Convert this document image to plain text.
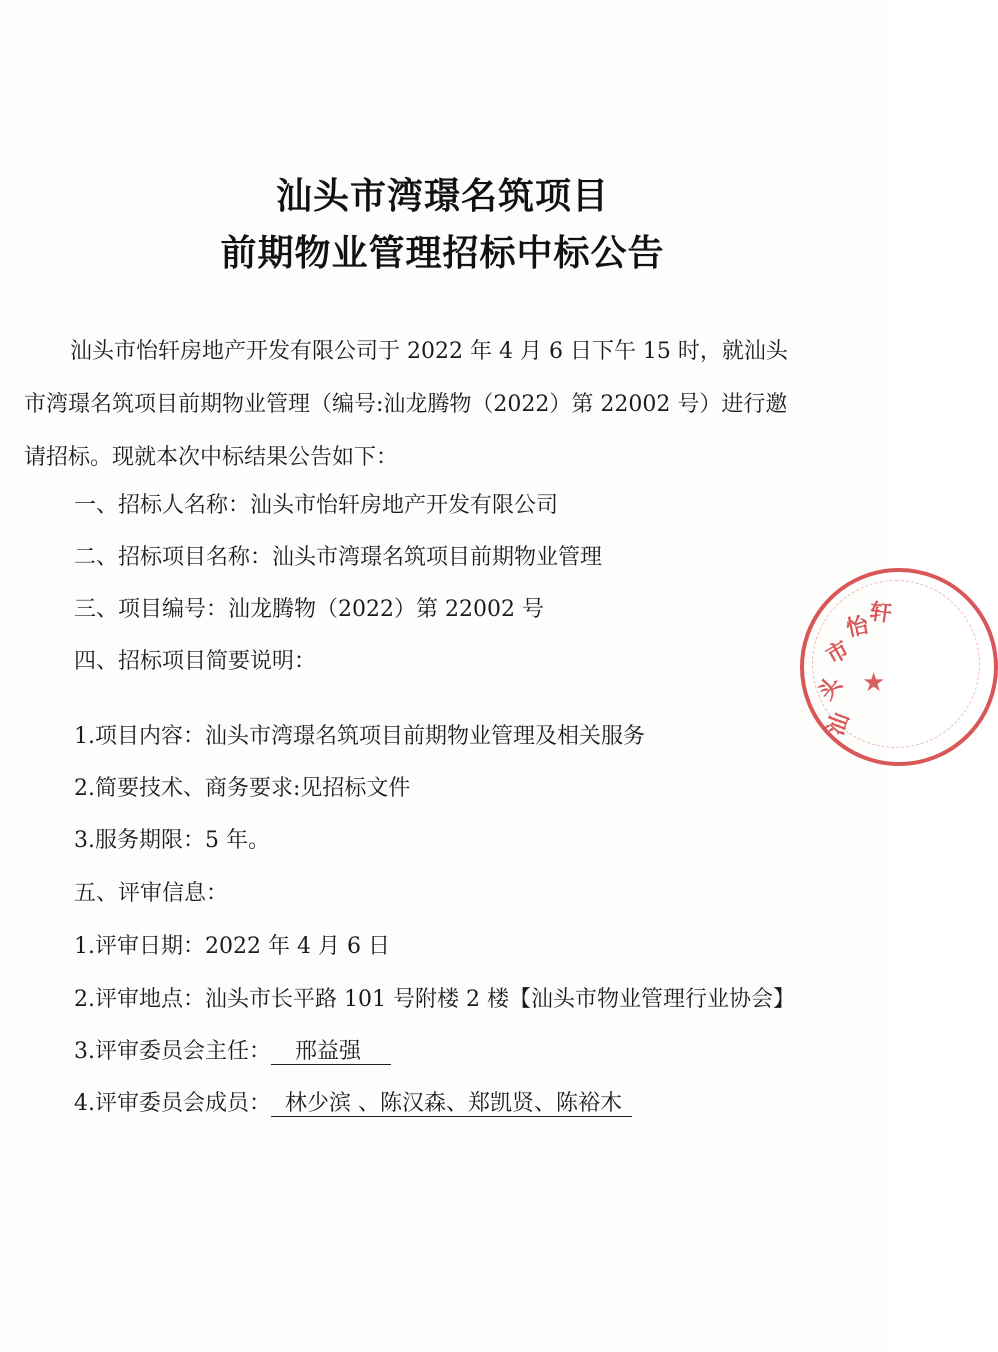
汕头市湾璟名筑项目
前期物业管理招标中标公告

汕头市怡轩房地产开发有限公司于 2022 年 4 月 6 日下午 15 时，就汕头

市湾璟名筑项目前期物业管理（编号:汕龙腾物（2022）第 22002 号）进行邀

请招标。现就本次中标结果公告如下：

一、招标人名称：汕头市怡轩房地产开发有限公司

二、招标项目名称：汕头市湾璟名筑项目前期物业管理

三、项目编号：汕龙腾物（2022）第 22002 号

四、招标项目简要说明：

1.项目内容：汕头市湾璟名筑项目前期物业管理及相关服务

2.简要技术、商务要求:见招标文件

3.服务期限：5 年。

五、评审信息：

1.评审日期：2022 年 4 月 6 日

2.评审地点：汕头市长平路 101 号附楼 2 楼【汕头市物业管理行业协会】

3.评审委员会主任： 邢益强

4.评审委员会成员： 林少滨 、陈汉森、郑凯贤、陈裕木

汕
头
市
怡
轩
★
